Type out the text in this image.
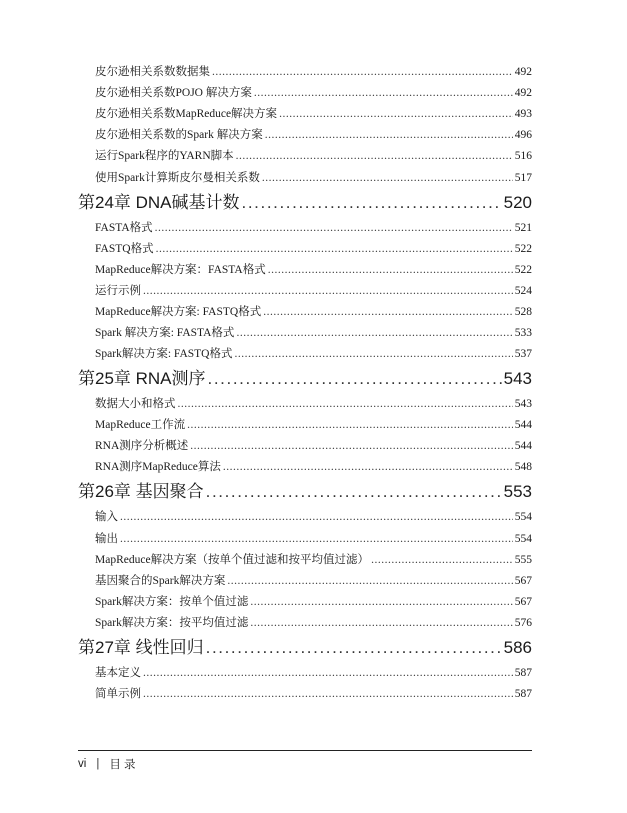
皮尔逊相关系数数据集 .....	492
皮尔逊相关系数POJO 解决方案 .....	492
皮尔逊相关系数MapReduce解决方案 .....	493
皮尔逊相关系数的Spark 解决方案 .....	496
运行Spark程序的YARN脚本 .....	516
使用Spark计算斯皮尔曼相关系数 .....	517
第24章 DNA碱基计数 .....	520
FASTA格式 .....	521
FASTQ格式 .....	522
MapReduce解决方案：FASTA格式 .....	522
运行示例 .....	524
MapReduce解决方案: FASTQ格式 .....	528
Spark 解决方案: FASTA格式 .....	533
Spark解决方案: FASTQ格式 .....	537
第25章 RNA测序 .....	543
数据大小和格式 .....	543
MapReduce工作流 .....	544
RNA测序分析概述 .....	544
RNA测序MapReduce算法 .....	548
第26章 基因聚合 .....	553
输入 .....	554
输出 .....	554
MapReduce解决方案（按单个值过滤和按平均值过滤） .....	555
基因聚合的Spark解决方案 .....	567
Spark解决方案：按单个值过滤 .....	567
Spark解决方案：按平均值过滤 .....	576
第27章 线性回归 .....	586
基本定义 .....	587
简单示例 .....	587
vi | 目 录
